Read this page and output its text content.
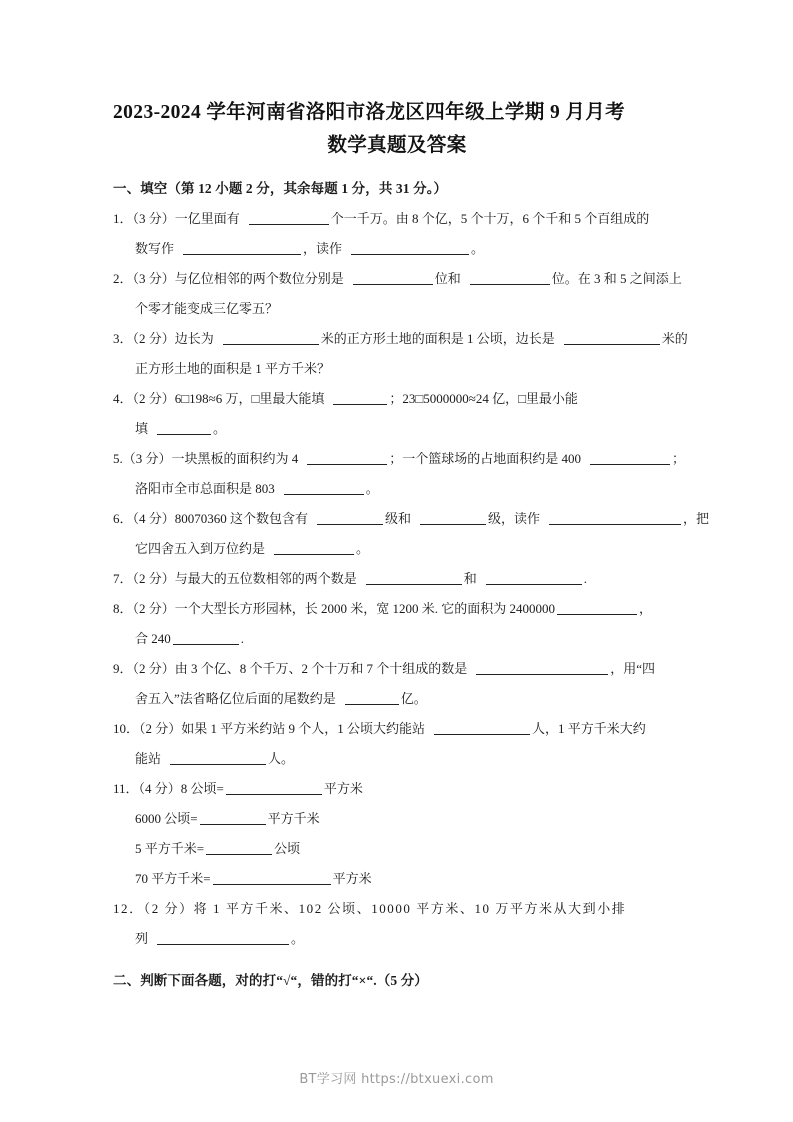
2023-2024 学年河南省洛阳市洛龙区四年级上学期 9 月月考
数学真题及答案
一、填空（第 12 小题 2 分，其余每题 1 分，共 31 分。）
1．（3 分）一亿里面有	个一千万。由 8 个亿，5 个十万，6 个千和 5 个百组成的
数写作	，读作	。
2．（3 分）与亿位相邻的两个数位分别是	位和	位。在 3 和 5 之间添上
个零才能变成三亿零五？
3．（2 分）边长为	米的正方形土地的面积是 1 公顷，边长是	米的
正方形土地的面积是 1 平方千米？
4．（2 分）6□198≈6 万，□里最大能填	；23□5000000≈24 亿，□里最小能
填	。
5.（3 分）一块黑板的面积约为 4	；一个篮球场的占地面积约是 400	；
洛阳市全市总面积是 803	。
6．（4 分）80070360 这个数包含有	级和	级，读作	，把
它四舍五入到万位约是	。
7．（2 分）与最大的五位数相邻的两个数是	和	.
8．（2 分）一个大型长方形园林，长 2000 米，宽 1200 米. 它的面积为 2400000	，
合 240	.
9．（2 分）由 3 个亿、8 个千万、2 个十万和 7 个十组成的数是	，用“四
舍五入”法省略亿位后面的尾数约是	亿。
10．（2 分）如果 1 平方米约站 9 个人，1 公顷大约能站	人，1 平方千米大约
能站	人。
11．（4 分）8 公顷=	平方米
6000 公顷=	平方千米
5 平方千米=	公顷
70 平方千米=	平方米
12．（2 分）将 1 平方千米、102 公顷、10000 平方米、10 万平方米从大到小排
列	。
二、判断下面各题，对的打“√“，错的打“×“.（5 分）
BT学习网 https://btxuexi.com
